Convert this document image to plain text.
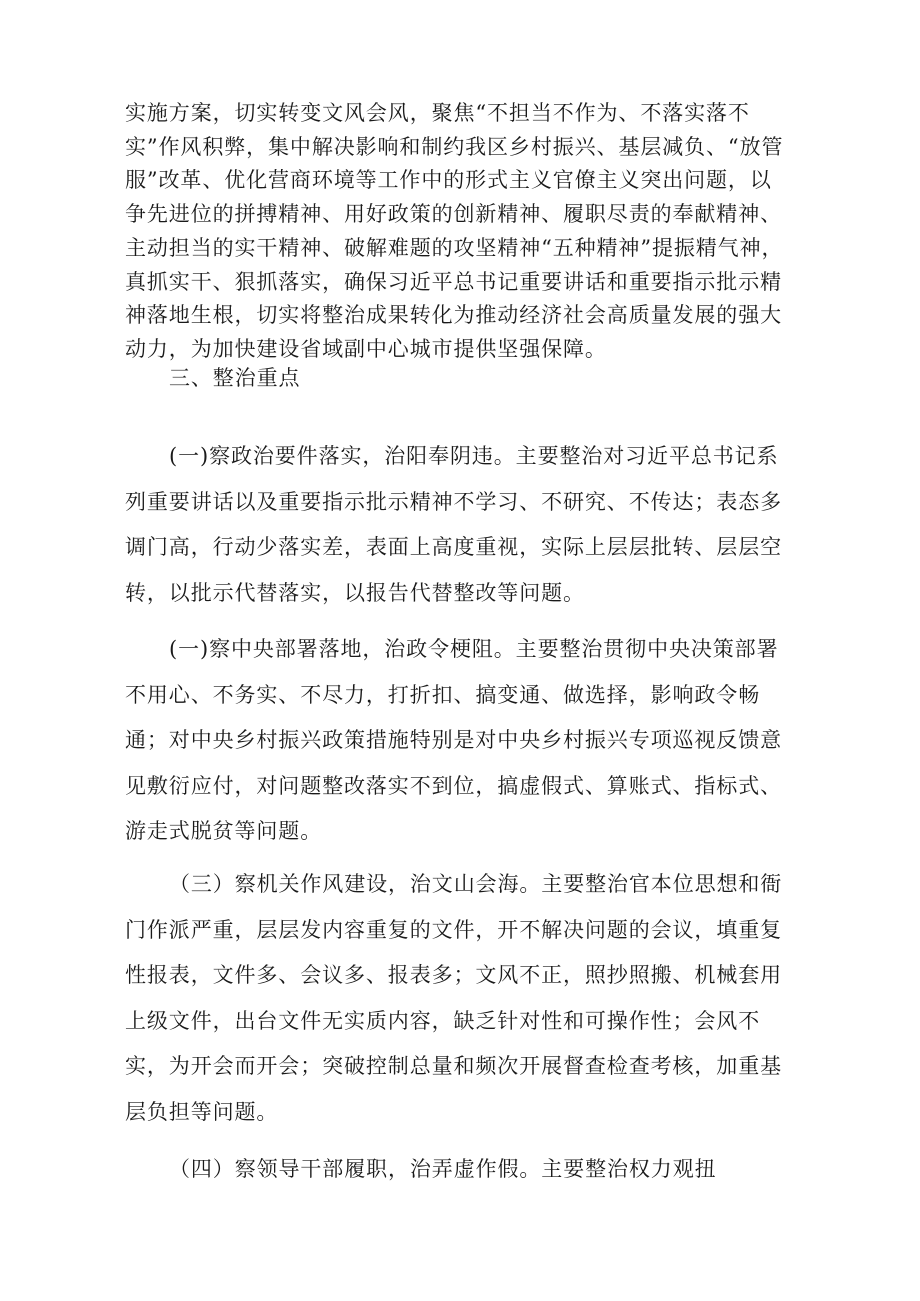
实施方案，切实转变文风会风，聚焦“不担当不作为、不落实落不实”作风积弊，集中解决影响和制约我区乡村振兴、基层减负、“放管服”改革、优化营商环境等工作中的形式主义官僚主义突出问题，以争先进位的拼搏精神、用好政策的创新精神、履职尽责的奉献精神、主动担当的实干精神、破解难题的攻坚精神“五种精神”提振精气神，真抓实干、狠抓落实，确保习近平总书记重要讲话和重要指示批示精神落地生根，切实将整治成果转化为推动经济社会高质量发展的强大动力，为加快建设省域副中心城市提供坚强保障。

三、整治重点

(一)察政治要件落实，治阳奉阴违。主要整治对习近平总书记系列重要讲话以及重要指示批示精神不学习、不研究、不传达；表态多调门高，行动少落实差，表面上高度重视，实际上层层批转、层层空转，以批示代替落实，以报告代替整改等问题。

(一)察中央部署落地，治政令梗阻。主要整治贯彻中央决策部署不用心、不务实、不尽力，打折扣、搞变通、做选择，影响政令畅通；对中央乡村振兴政策措施特别是对中央乡村振兴专项巡视反馈意见敷衍应付，对问题整改落实不到位，搞虚假式、算账式、指标式、游走式脱贫等问题。

（三）察机关作风建设，治文山会海。主要整治官本位思想和衙门作派严重，层层发内容重复的文件，开不解决问题的会议，填重复性报表，文件多、会议多、报表多；文风不正，照抄照搬、机械套用上级文件，出台文件无实质内容，缺乏针对性和可操作性；会风不实，为开会而开会；突破控制总量和频次开展督查检查考核，加重基层负担等问题。

（四）察领导干部履职，治弄虚作假。主要整治权力观扭
